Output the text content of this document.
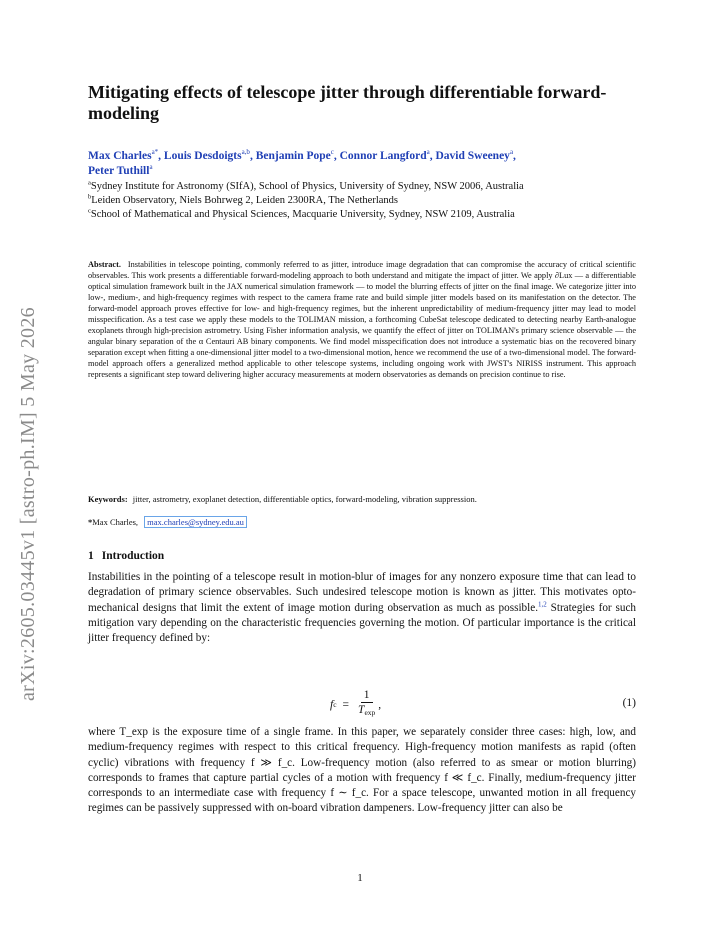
arXiv:2605.03445v1 [astro-ph.IM] 5 May 2026
Mitigating effects of telescope jitter through differentiable forward-modeling
Max Charles$^{a*}$, Louis Desdoigts$^{a,b}$, Benjamin Pope$^c$, Connor Langford$^a$, David Sweeney$^a$,
Peter Tuthill$^a$
$^a$Sydney Institute for Astronomy (SIfA), School of Physics, University of Sydney, NSW 2006, Australia
$^b$Leiden Observatory, Niels Bohrweg 2, Leiden 2300RA, The Netherlands
$^c$School of Mathematical and Physical Sciences, Macquarie University, Sydney, NSW 2109, Australia
Abstract. Instabilities in telescope pointing, commonly referred to as jitter, introduce image degradation that can compromise the accuracy of critical scientific observables. This work presents a differentiable forward-modeling approach to both understand and mitigate the impact of jitter. We apply ∂Lux — a differentiable optical simulation framework built in the JAX numerical simulation framework — to model the blurring effects of jitter on the final image. We categorize jitter into low-, medium-, and high-frequency regimes with respect to the camera frame rate and build simple jitter models based on its manifestation on the detector. The forward-model approach proves effective for low- and high-frequency regimes, but the inherent unpredictability of medium-frequency jitter may lead to model misspecification. As a test case we apply these models to the TOLIMAN mission, a forthcoming CubeSat telescope dedicated to detecting nearby Earth-analogue exoplanets through high-precision astrometry. Using Fisher information analysis, we quantify the effect of jitter on TOLIMAN's primary science observable — the angular binary separation of the α Centauri AB binary components. We find model misspecification does not introduce a systematic bias on the recovered binary separation except when fitting a one-dimensional jitter model to a two-dimensional motion, hence we recommend the use of a two-dimensional model. The forward-model approach offers a generalized method applicable to other telescope systems, including ongoing work with JWST's NIRISS instrument. This approach represents a significant step toward delivering higher accuracy measurements at modern observatories as demands on precision continue to rise.
Keywords: jitter, astrometry, exoplanet detection, differentiable optics, forward-modeling, vibration suppression.
*Max Charles, max.charles@sydney.edu.au
1 Introduction
Instabilities in the pointing of a telescope result in motion-blur of images for any nonzero exposure time that can lead to degradation of primary science observables. Such undesired telescope motion is known as jitter. This motivates opto-mechanical designs that limit the extent of image motion during observation as much as possible.$^{1,2}$ Strategies for such mitigation vary depending on the characteristic frequencies governing the motion. Of particular importance is the critical jitter frequency defined by:
f $c = \frac{1}{T_{exp}}$ ,	(1)
where T_exp is the exposure time of a single frame. In this paper, we separately consider three cases: high, low, and medium-frequency regimes with respect to this critical frequency. High-frequency motion manifests as rapid (often cyclic) vibrations with frequency f ≫ f_c. Low-frequency motion (also referred to as smear or motion blurring) corresponds to frames that capture partial cycles of a motion with frequency f ≪ f_c. Finally, medium-frequency jitter corresponds to an intermediate case with frequency f ∼ f_c. For a space telescope, unwanted motion in all frequency regimes can be passively suppressed with on-board vibration dampeners. Low-frequency jitter can also be
1
